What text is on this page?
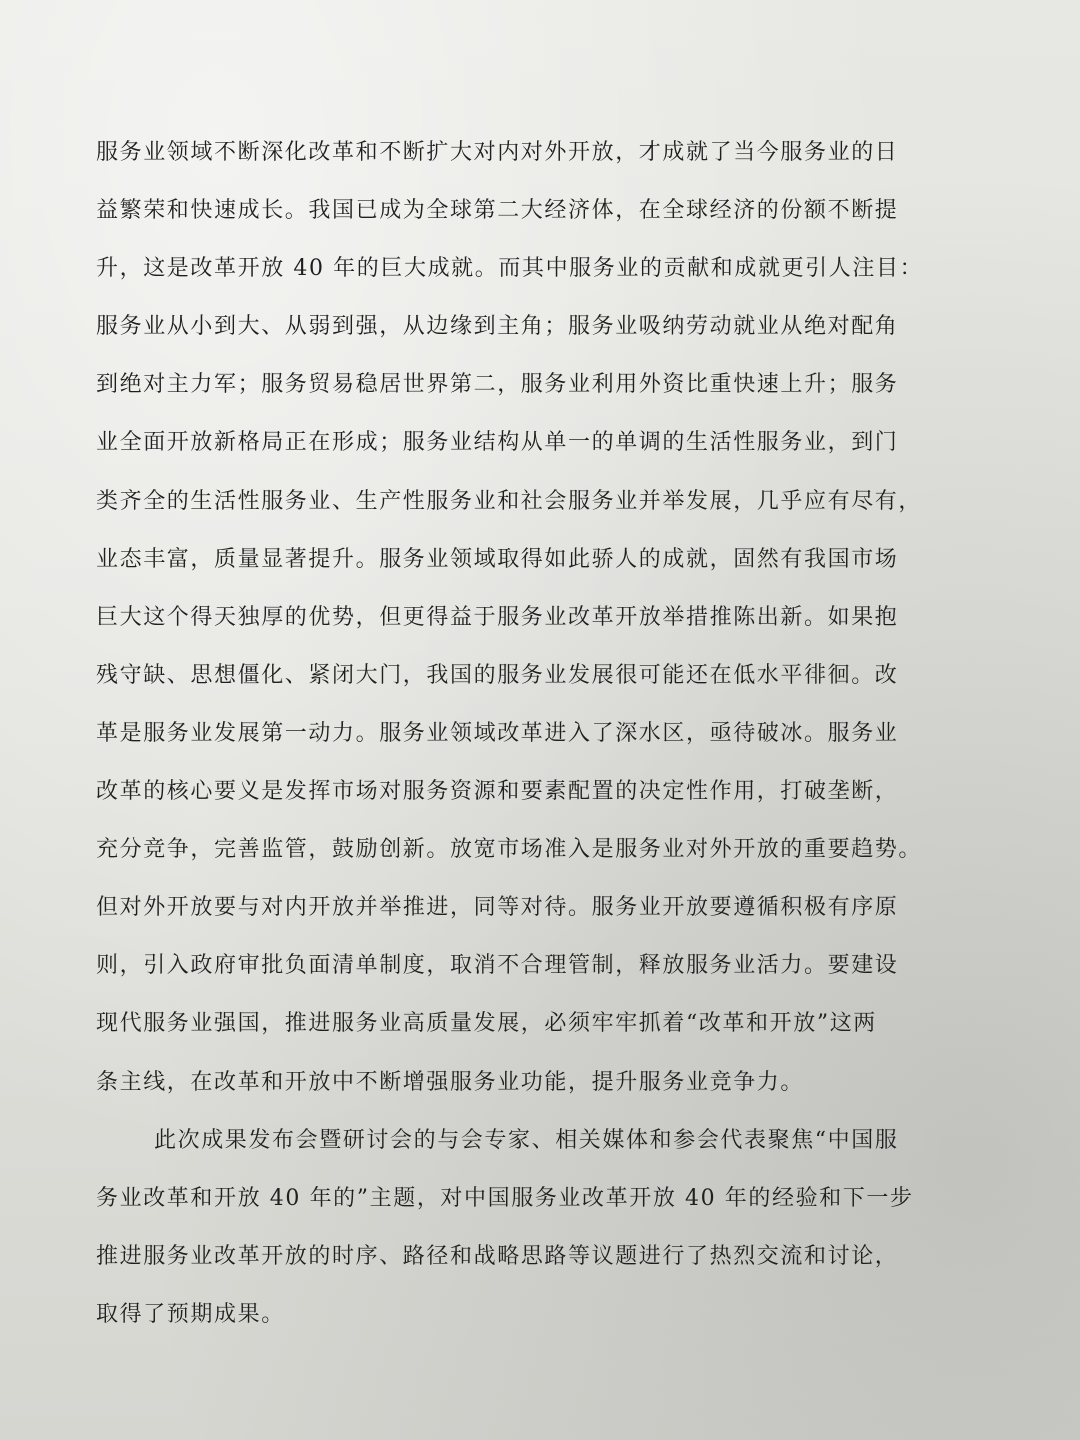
服务业领域不断深化改革和不断扩大对内对外开放，才成就了当今服务业的日
益繁荣和快速成长。我国已成为全球第二大经济体，在全球经济的份额不断提
升，这是改革开放 40 年的巨大成就。而其中服务业的贡献和成就更引人注目：
服务业从小到大、从弱到强，从边缘到主角；服务业吸纳劳动就业从绝对配角
到绝对主力军；服务贸易稳居世界第二，服务业利用外资比重快速上升；服务
业全面开放新格局正在形成；服务业结构从单一的单调的生活性服务业，到门
类齐全的生活性服务业、生产性服务业和社会服务业并举发展，几乎应有尽有，
业态丰富，质量显著提升。服务业领域取得如此骄人的成就，固然有我国市场
巨大这个得天独厚的优势，但更得益于服务业改革开放举措推陈出新。如果抱
残守缺、思想僵化、紧闭大门，我国的服务业发展很可能还在低水平徘徊。改
革是服务业发展第一动力。服务业领域改革进入了深水区，亟待破冰。服务业
改革的核心要义是发挥市场对服务资源和要素配置的决定性作用，打破垄断，
充分竞争，完善监管，鼓励创新。放宽市场准入是服务业对外开放的重要趋势。
但对外开放要与对内开放并举推进，同等对待。服务业开放要遵循积极有序原
则，引入政府审批负面清单制度，取消不合理管制，释放服务业活力。要建设
现代服务业强国，推进服务业高质量发展，必须牢牢抓着“改革和开放”这两
条主线，在改革和开放中不断增强服务业功能，提升服务业竞争力。
此次成果发布会暨研讨会的与会专家、相关媒体和参会代表聚焦“中国服
务业改革和开放 40 年的”主题，对中国服务业改革开放 40 年的经验和下一步
推进服务业改革开放的时序、路径和战略思路等议题进行了热烈交流和讨论，
取得了预期成果。
